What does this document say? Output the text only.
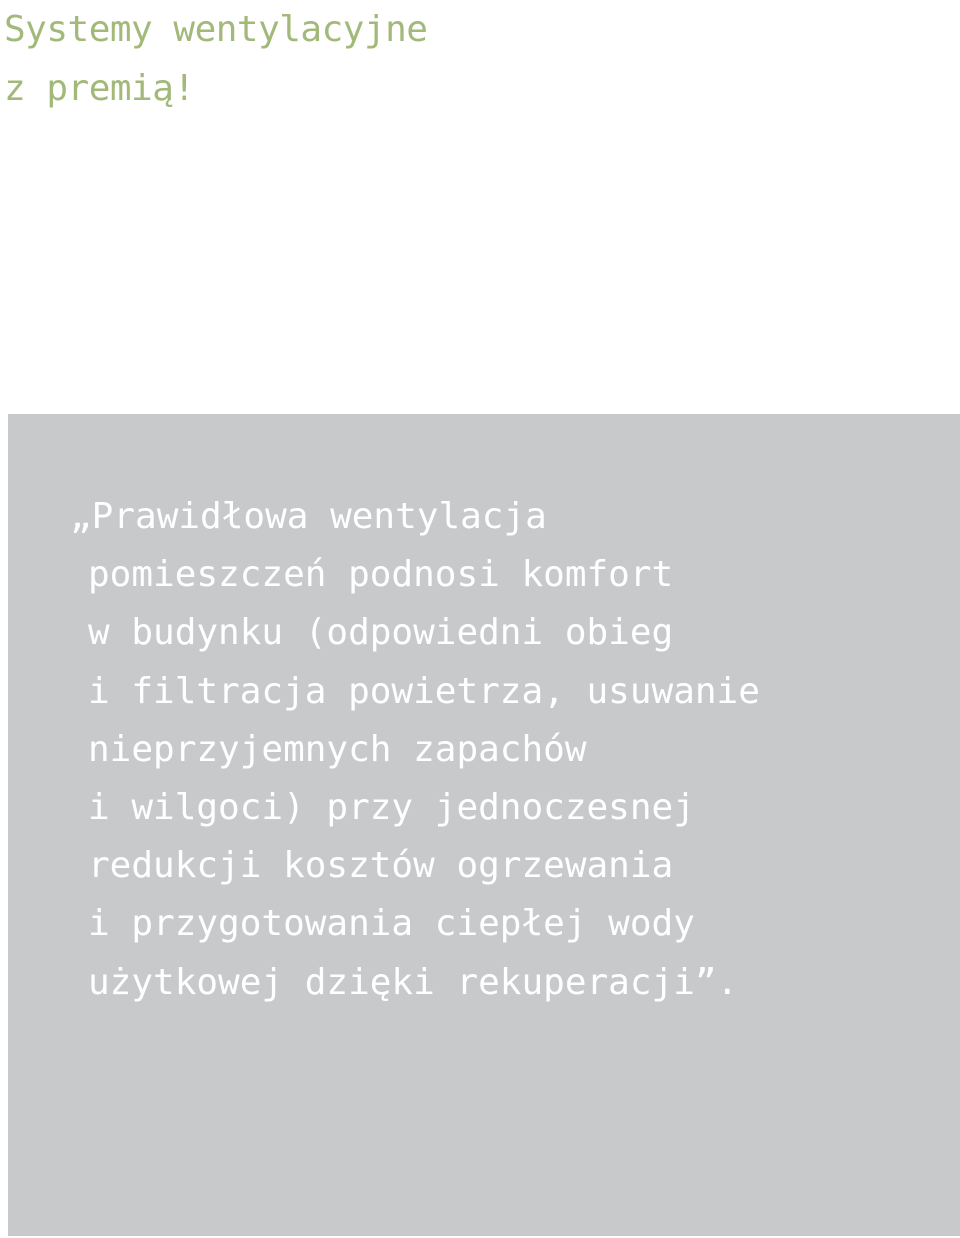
Systemy wentylacyjne
z premią!

„Prawidłowa wentylacja
pomieszczeń podnosi komfort
w budynku (odpowiedni obieg
i filtracja powietrza, usuwanie
nieprzyjemnych zapachów
i wilgoci) przy jednoczesnej
redukcji kosztów ogrzewania
i przygotowania ciepłej wody
użytkowej dzięki rekuperacji”.
